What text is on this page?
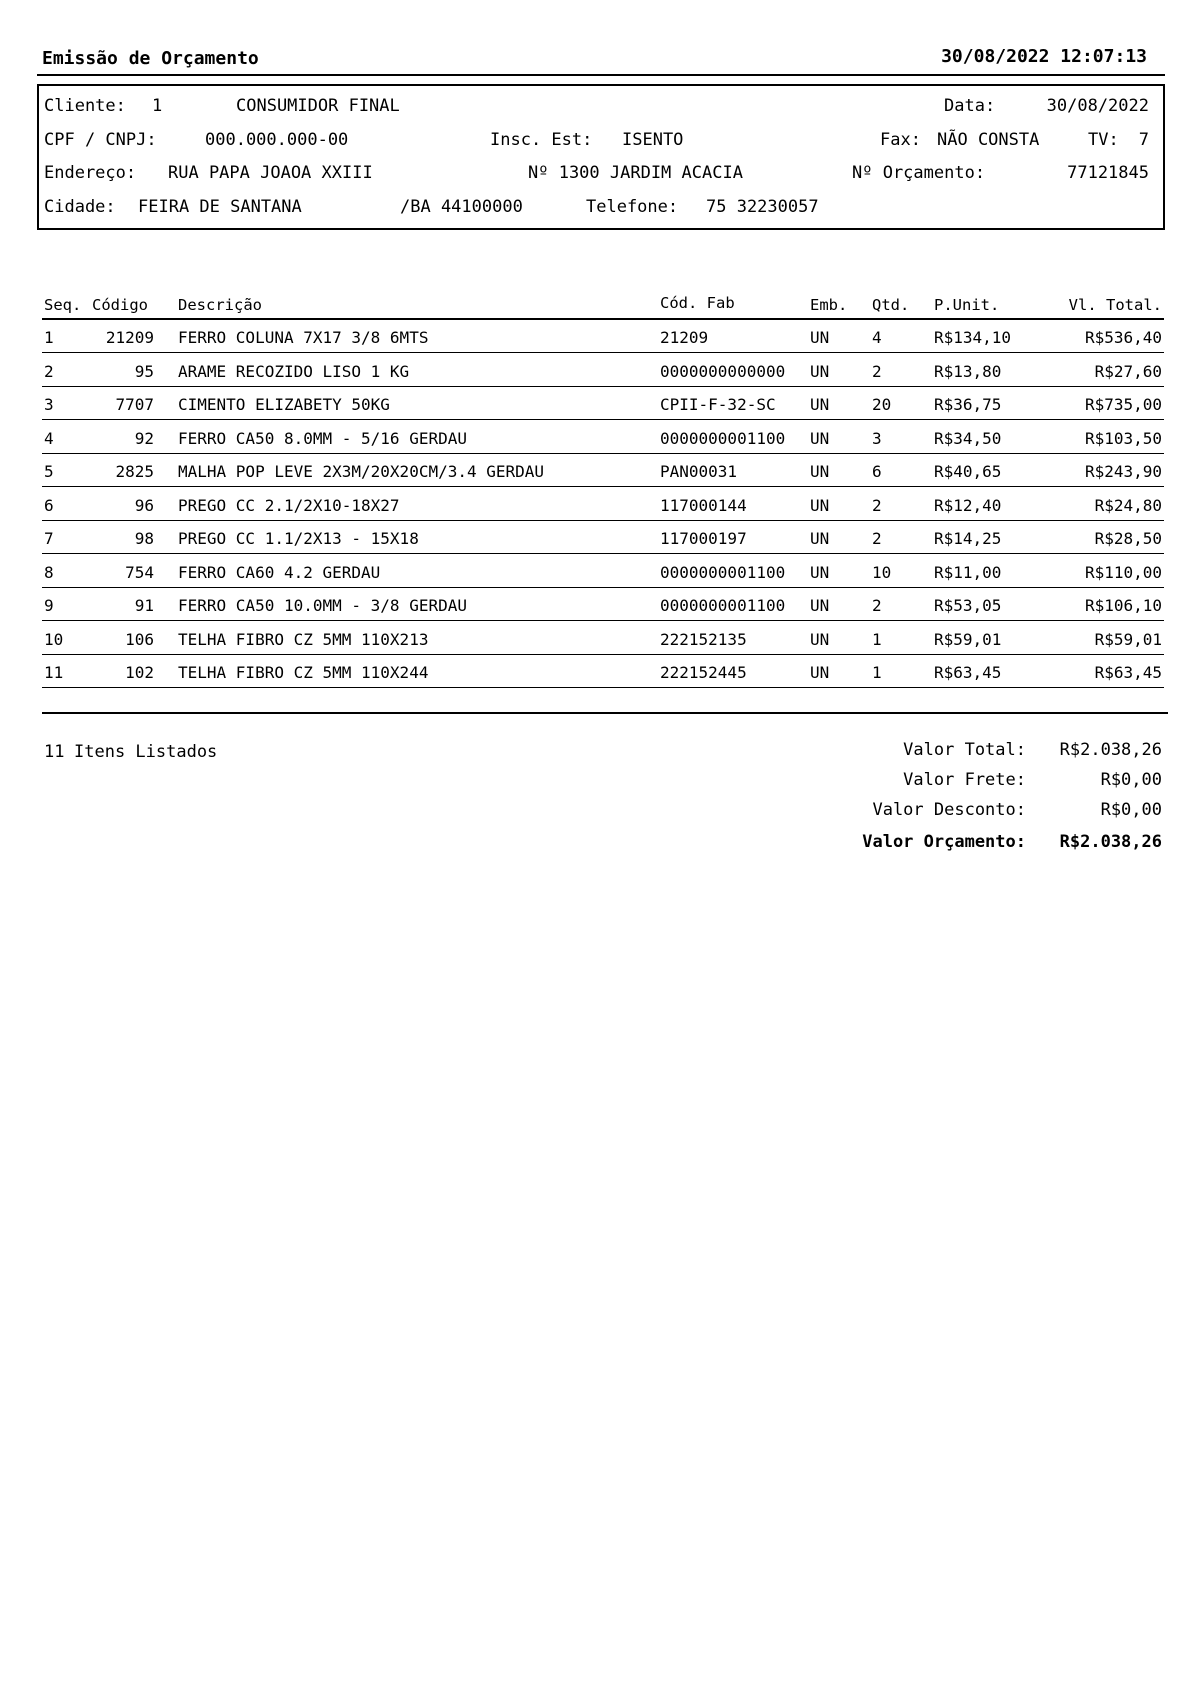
Emissão de Orçamento	30/08/2022 12:07:13
Cliente: 1	CONSUMIDOR FINAL	Data:	30/08/2022
CPF / CNPJ:	000.000.000-00	Insc. Est: ISENTO	Fax: NÃO CONSTA	TV: 7
Endereço: RUA PAPA JOAOA XXIII	Nº 1300 JARDIM ACACIA	Nº Orçamento:	77121845
Cidade: FEIRA DE SANTANA	/BA 44100000	Telefone: 75 32230057
Seq. Código Descrição	Cód. Fab	Emb. Qtd. P.Unit.	Vl. Total.
1	21209 FERRO COLUNA 7X17 3/8 6MTS	21209	UN	4	R$134,10	R$536,40
2	95 ARAME RECOZIDO LISO 1 KG	0000000000000	UN	2	R$13,80	R$27,60
3	7707 CIMENTO ELIZABETY 50KG	CPII-F-32-SC	UN	20	R$36,75	R$735,00
4	92 FERRO CA50 8.0MM - 5/16 GERDAU	0000000001100	UN	3	R$34,50	R$103,50
5	2825 MALHA POP LEVE 2X3M/20X20CM/3.4 GERDAU	PAN00031	UN	6	R$40,65	R$243,90
6	96 PREGO CC 2.1/2X10-18X27	117000144	UN	2	R$12,40	R$24,80
7	98 PREGO CC 1.1/2X13 - 15X18	117000197	UN	2	R$14,25	R$28,50
8	754 FERRO CA60 4.2 GERDAU	0000000001100	UN	10	R$11,00	R$110,00
9	91 FERRO CA50 10.0MM - 3/8 GERDAU	0000000001100	UN	2	R$53,05	R$106,10
10	106 TELHA FIBRO CZ 5MM 110X213	222152135	UN	1	R$59,01	R$59,01
11	102 TELHA FIBRO CZ 5MM 110X244	222152445	UN	1	R$63,45	R$63,45
11 Itens Listados	Valor Total: R$2.038,26
Valor Frete:	R$0,00
Valor Desconto:	R$0,00
Valor Orçamento: R$2.038,26
